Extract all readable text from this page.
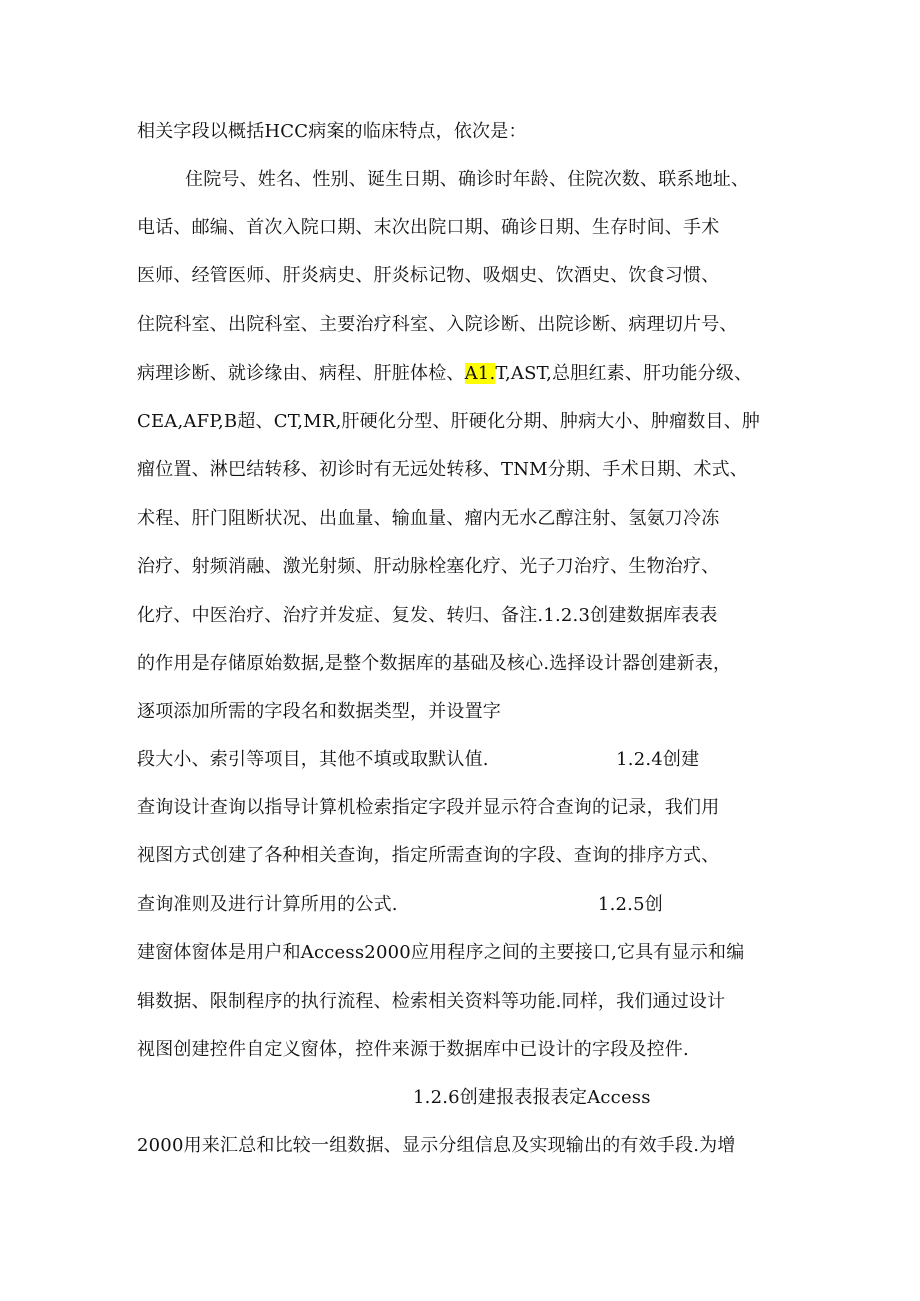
相关字段以概括HCC病案的临床特点，依次是：
住院号、姓名、性别、诞生日期、确诊时年龄、住院次数、联系地址、
电话、邮编、首次入院口期、末次出院口期、确诊日期、生存时间、手术
医师、经管医师、肝炎病史、肝炎标记物、吸烟史、饮酒史、饮食习惯、
住院科室、出院科室、主要治疗科室、入院诊断、出院诊断、病理切片号、
病理诊断、就诊缘由、病程、肝脏体检、A1.T,AST,总胆红素、肝功能分级、
CEA,AFP,B超、CT,MR,肝硬化分型、肝硬化分期、肿病大小、肿瘤数目、肿
瘤位置、淋巴结转移、初诊时有无远处转移、TNM分期、手术日期、术式、
术程、肝门阻断状况、出血量、输血量、瘤内无水乙醇注射、氢氨刀冷冻
治疗、射频消融、激光射频、肝动脉栓塞化疗、光子刀治疗、生物治疗、
化疗、中医治疗、治疗并发症、复发、转归、备注.1.2.3创建数据库表表
的作用是存储原始数据,是整个数据库的基础及核心.选择设计器创建新表，
逐项添加所需的字段名和数据类型，并设置字
段大小、索引等项目，其他不填或取默认值.　　　　　　　1.2.4创建
查询设计查询以指导计算机检索指定字段并显示符合查询的记录，我们用
视图方式创建了各种相关查询，指定所需查询的字段、查询的排序方式、
查询准则及进行计算所用的公式.　　　　　　　　　　　1.2.5创
建窗体窗体是用户和Access2000应用程序之间的主要接口,它具有显示和编
辑数据、限制程序的执行流程、检索相关资料等功能.同样，我们通过设计
视图创建控件自定义窗体，控件来源于数据库中已设计的字段及控件.
1.2.6创建报表报表定Access
2000用来汇总和比较一组数据、显示分组信息及实现输出的有效手段.为增
